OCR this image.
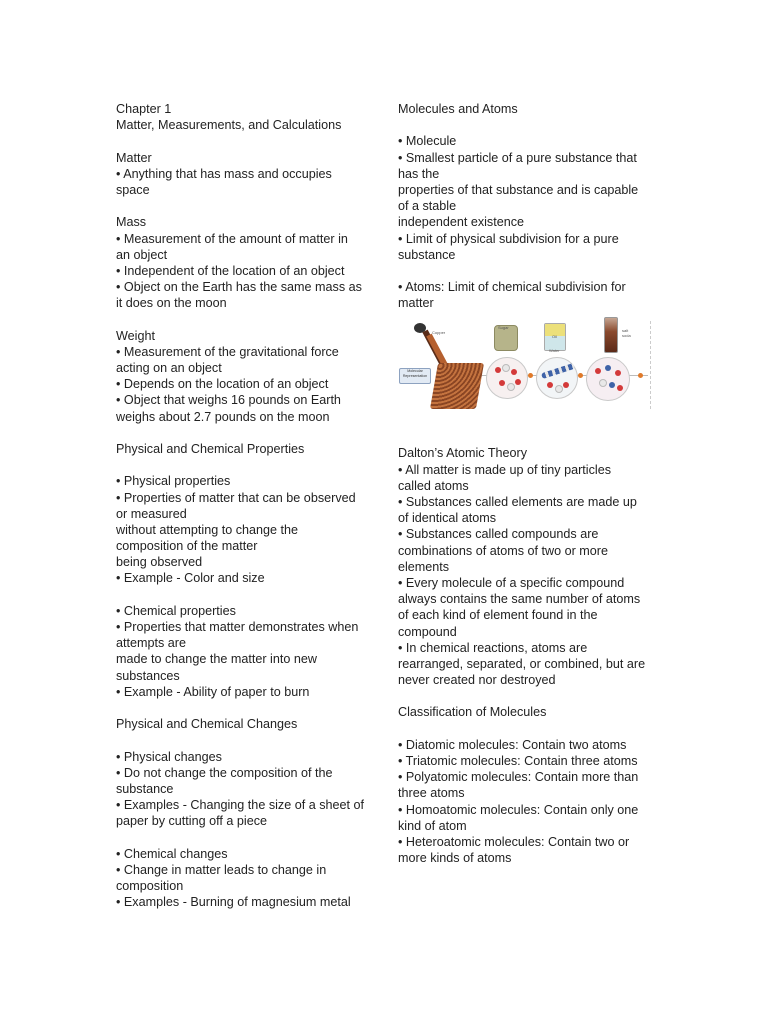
Chapter 1
Matter, Measurements, and Calculations
Matter
• Anything that has mass and occupies
space
Mass
• Measurement of the amount of matter in
an object
• Independent of the location of an object
• Object on the Earth has the same mass as
it does on the moon
Weight
• Measurement of the gravitational force
acting on an object
• Depends on the location of an object
• Object that weighs 16 pounds on Earth
weighs about 2.7 pounds on the moon
Physical and Chemical Properties
• Physical properties
• Properties of matter that can be observed
or measured
without attempting to change the
composition of the matter
being observed
• Example - Color and size
• Chemical properties
• Properties that matter demonstrates when
attempts are
made to change the matter into new
substances
• Example - Ability of paper to burn
Physical and Chemical Changes
• Physical changes
• Do not change the composition of the
substance
• Examples - Changing the size of a sheet of
paper by cutting off a piece
• Chemical changes
• Change in matter leads to change in
composition
• Examples - Burning of magnesium metal
Molecules and Atoms
• Molecule
• Smallest particle of a pure substance that
has the
properties of that substance and is capable
of a stable
independent existence
• Limit of physical subdivision for a pure
substance
• Atoms: Limit of chemical subdivision for
matter
Copper
Sugar
Oil
Water
salt
soda
Molecular Representation
Dalton’s Atomic Theory
• All matter is made up of tiny particles
called atoms
• Substances called elements are made up
of identical atoms
• Substances called compounds are
combinations of atoms of two or more
elements
• Every molecule of a specific compound
always contains the same number of atoms
of each kind of element found in the
compound
• In chemical reactions, atoms are
rearranged, separated, or combined, but are
never created nor destroyed
Classification of Molecules
• Diatomic molecules: Contain two atoms
• Triatomic molecules: Contain three atoms
• Polyatomic molecules: Contain more than
three atoms
• Homoatomic molecules: Contain only one
kind of atom
• Heteroatomic molecules: Contain two or
more kinds of atoms
